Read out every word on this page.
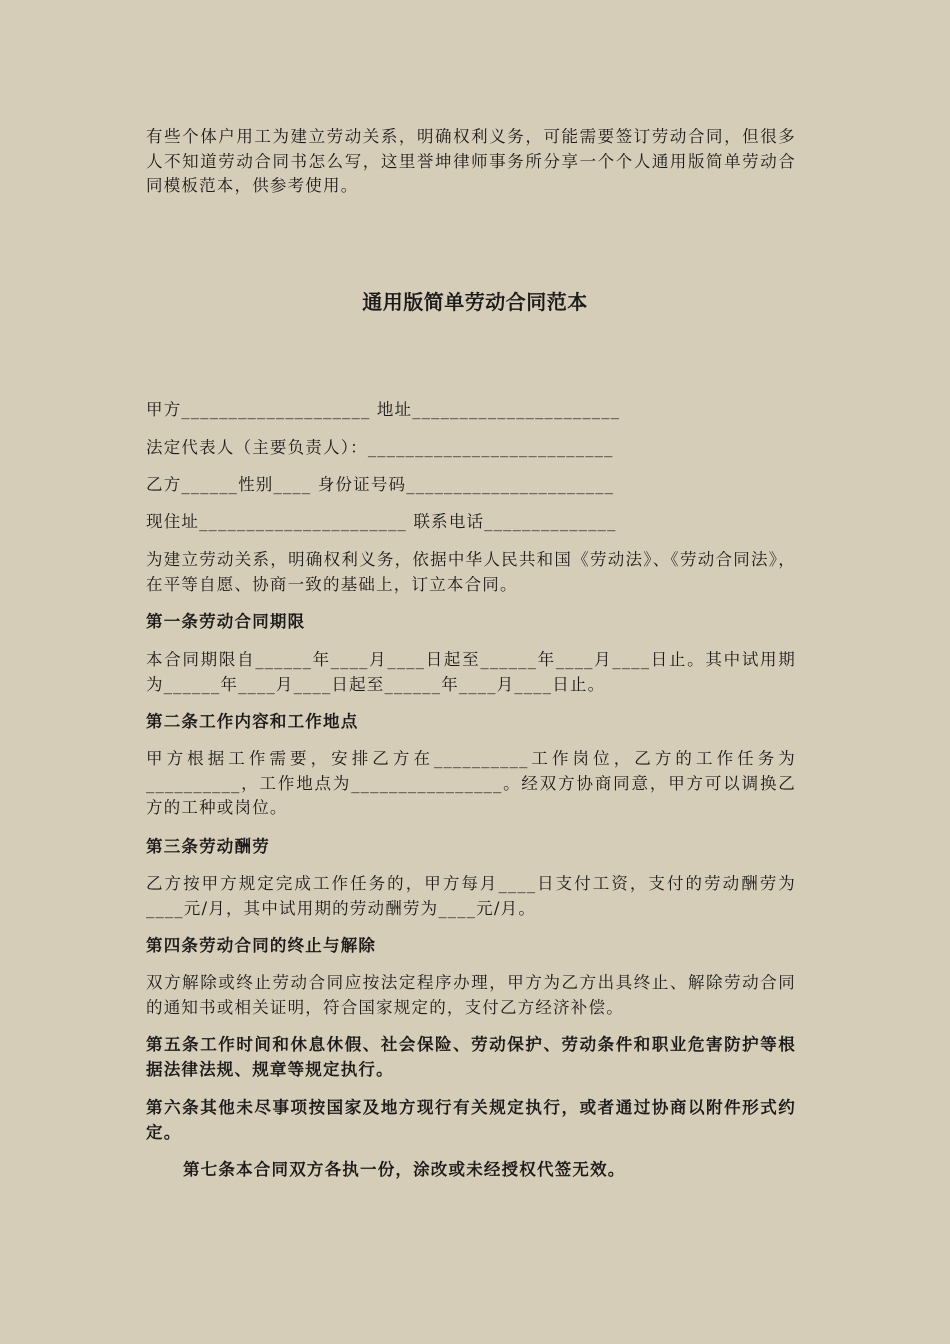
有些个体户用工为建立劳动关系，明确权利义务，可能需要签订劳动合同，但很多人不知道劳动合同书怎么写，这里誉坤律师事务所分享一个个人通用版简单劳动合同模板范本，供参考使用。
通用版简单劳动合同范本
甲方____________________ 地址______________________
法定代表人（主要负责人）：__________________________
乙方______性别____ 身份证号码______________________
现住址______________________ 联系电话______________
为建立劳动关系，明确权利义务，依据中华人民共和国《劳动法》、《劳动合同法》，在平等自愿、协商一致的基础上，订立本合同。
第一条劳动合同期限
本合同期限自______年____月____日起至______年____月____日止。其中试用期为______年____月____日起至______年____月____日止。
第二条工作内容和工作地点
甲方根据工作需要，安排乙方在__________工作岗位，乙方的工作任务为__________，工作地点为________________。经双方协商同意，甲方可以调换乙方的工种或岗位。
第三条劳动酬劳
乙方按甲方规定完成工作任务的，甲方每月____日支付工资，支付的劳动酬劳为____元/月，其中试用期的劳动酬劳为____元/月。
第四条劳动合同的终止与解除
双方解除或终止劳动合同应按法定程序办理，甲方为乙方出具终止、解除劳动合同的通知书或相关证明，符合国家规定的，支付乙方经济补偿。
第五条工作时间和休息休假、社会保险、劳动保护、劳动条件和职业危害防护等根据法律法规、规章等规定执行。
第六条其他未尽事项按国家及地方现行有关规定执行，或者通过协商以附件形式约定。
第七条本合同双方各执一份，涂改或未经授权代签无效。
